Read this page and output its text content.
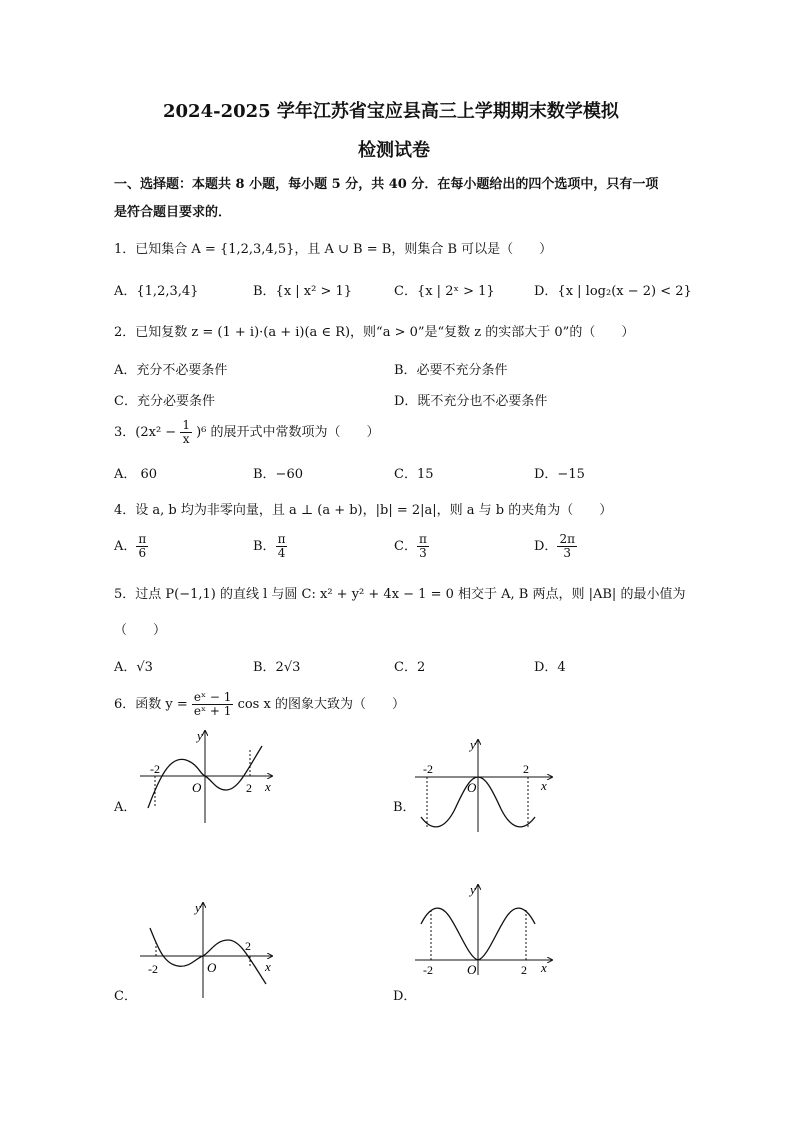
2024-2025 学年江苏省宝应县高三上学期期末数学模拟
检测试卷
一、选择题：本题共 8 小题，每小题 5 分，共 40 分．在每小题给出的四个选项中，只有一项
是符合题目要求的．
1．已知集合 A = {1,2,3,4,5}，且 A ∪ B = B，则集合 B 可以是（　　）
A．{1,2,3,4}	B．{x | x² > 1}	C．{x | 2ˣ > 1}	D．{x | log₂(x − 2) < 2}
2．已知复数 z = (1 + i)·(a + i)(a ∈ R)，则“a > 0”是“复数 z 的实部大于 0”的（　　）
A．充分不必要条件	B．必要不充分条件
C．充分必要条件	D．既不充分也不必要条件
3．$(2x^2 - \frac{1}{x} )^6$ 的展开式中常数项为（　　）
A． 60	B．−60	C．15	D．−15
4．设 a, b 均为非零向量，且 a ⊥ (a + b)，|b| = 2|a|，则 a 与 b 的夹角为（　　）
A． $\frac{\pi}{6}$	B． $\frac{\pi}{4}$	C． $\frac{\pi}{3}$	D． $\frac{2\pi}{3}$
5．过点 P(−1,1) 的直线 l 与圆 C: x² + y² + 4x − 1 = 0 相交于 A, B 两点，则 |AB| 的最小值为
（　　）
A．√3	B．2√3	C．2	D．4
6．函数 $y = \frac{\text{eˣ − 1}}{\text{eˣ + 1}}$ cos x 的图象大致为（　　）
A．	B．
C．	D．
-2
2
O	x
y
-2	2
O	x
y
-2
2
O	x
y
-2	2
O	x
y
